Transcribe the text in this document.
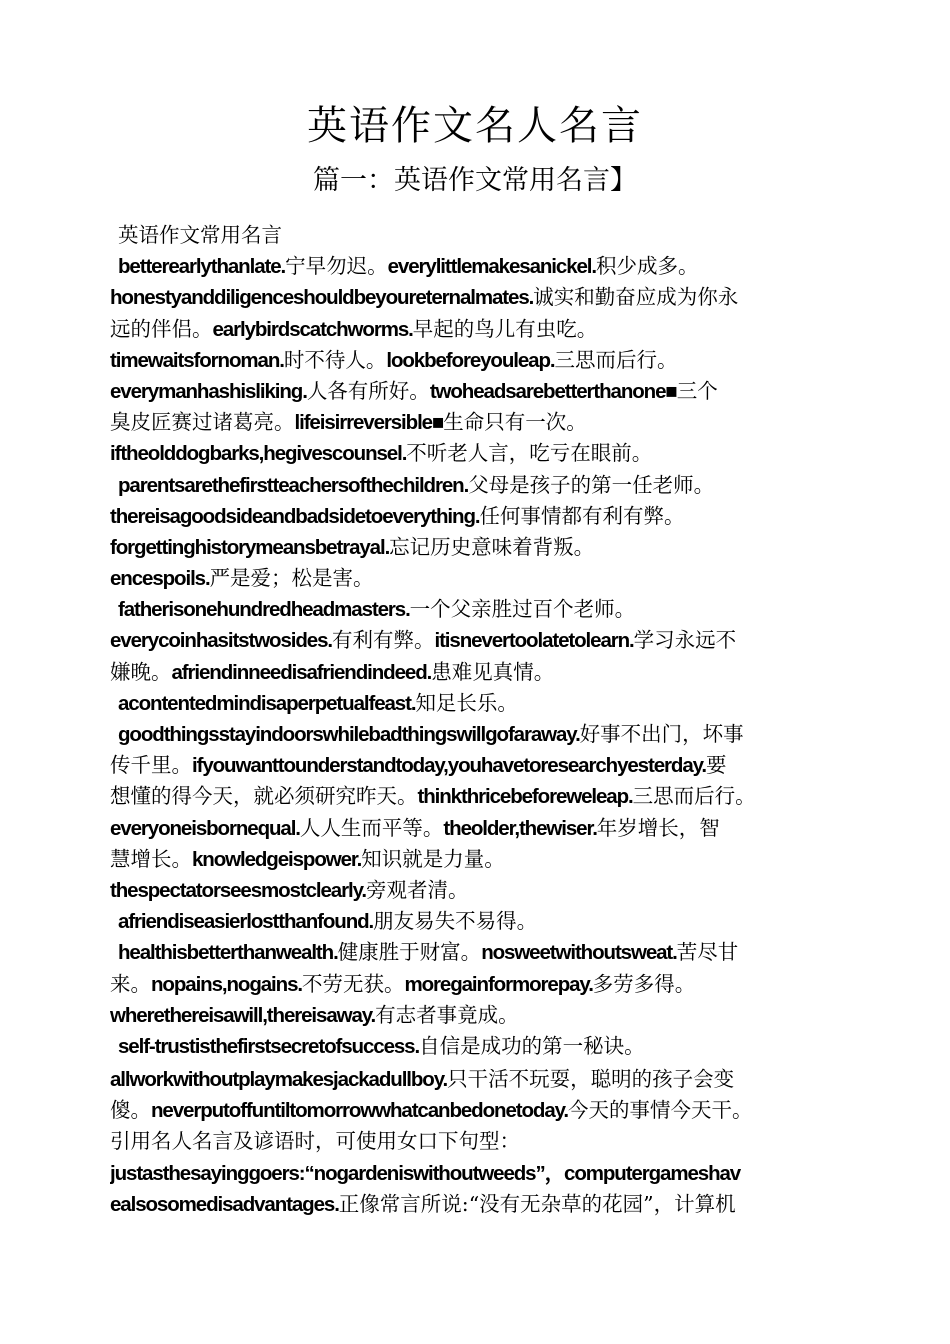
英语作文名人名言
篇一：英语作文常用名言】
英语作文常用名言
betterearlythanlate.宁早勿迟。everylittlemakesanickel.积少成多。
honestyanddiligenceshouldbeyoureternalmates.诚实和勤奋应成为你永
远的伴侣。earlybirdscatchworms.早起的鸟儿有虫吃。
timewaitsfornoman.时不待人。lookbeforeyouleap.三思而后行。
everymanhashisliking.人各有所好。twoheadsarebetterthanone■三个
臭皮匠赛过诸葛亮。lifeisirreversible■生命只有一次。
iftheolddogbarks,hegivescounsel.不听老人言，吃亏在眼前。
parentsarethefirstteachersofthechildren.父母是孩子的第一任老师。
thereisagoodsideandbadsidetoeverything.任何事情都有利有弊。
forgettinghistorymeansbetrayal.忘记历史意味着背叛。
encespoils.严是爱；松是害。
fatherisonehundredheadmasters.一个父亲胜过百个老师。
everycoinhasitstwosides.有利有弊。itisnevertoolatetolearn.学习永远不
嫌晚。afriendinneedisafriendindeed.患难见真情。
acontentedmindisaperpetualfeast.知足长乐。
goodthingsstayindoorswhilebadthingswillgofaraway.好事不出门，坏事
传千里。ifyouwanttounderstandtoday,youhavetoresearchyesterday.要
想懂的得今天，就必须研究昨天。thinkthricebeforeweleap.三思而后行。
everyoneisbornequal.人人生而平等。theolder,thewiser.年岁增长，智
慧增长。knowledgeispower.知识就是力量。
thespectatorseesmostclearly.旁观者清。
afriendiseasierlostthanfound.朋友易失不易得。
healthisbetterthanwealth.健康胜于财富。nosweetwithoutsweat.苦尽甘
来。nopains,nogains.不劳无获。moregainformorepay.多劳多得。
wherethereisawill,thereisaway.有志者事竟成。
self-trustisthefirstsecretofsuccess.自信是成功的第一秘诀。
allworkwithoutplaymakesjackadullboy.只干活不玩耍，聪明的孩子会变
傻。neverputoffuntiltomorrowwhatcanbedonetoday.今天的事情今天干。
引用名人名言及谚语时，可使用女口下句型：
justasthesayinggoers:“nogardeniswithoutweeds”，computergameshav
ealsosomedisadvantages.正像常言所说:“没有无杂草的花园”，计算机
